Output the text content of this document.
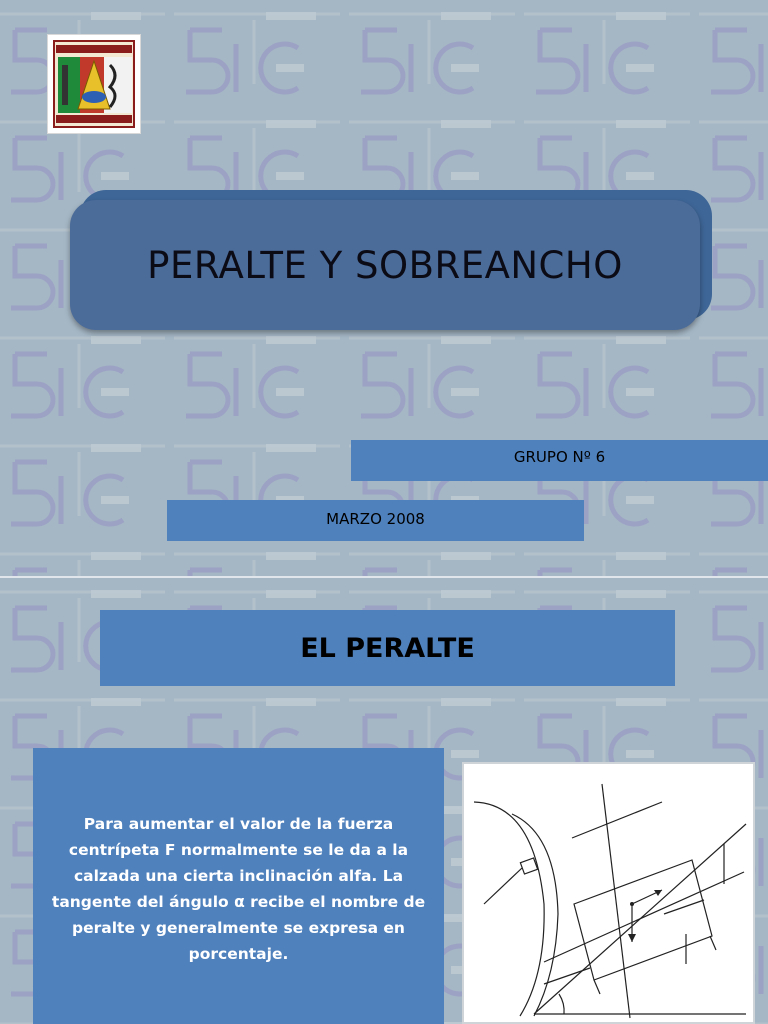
PERALTE Y SOBREANCHO
GRUPO Nº 6
MARZO 2008
EL PERALTE
Para aumentar el valor de la fuerza centrípeta F normalmente se le da a la calzada una cierta inclinación alfa. La tangente del ángulo α recibe el nombre de peralte y generalmente se expresa en porcentaje.
